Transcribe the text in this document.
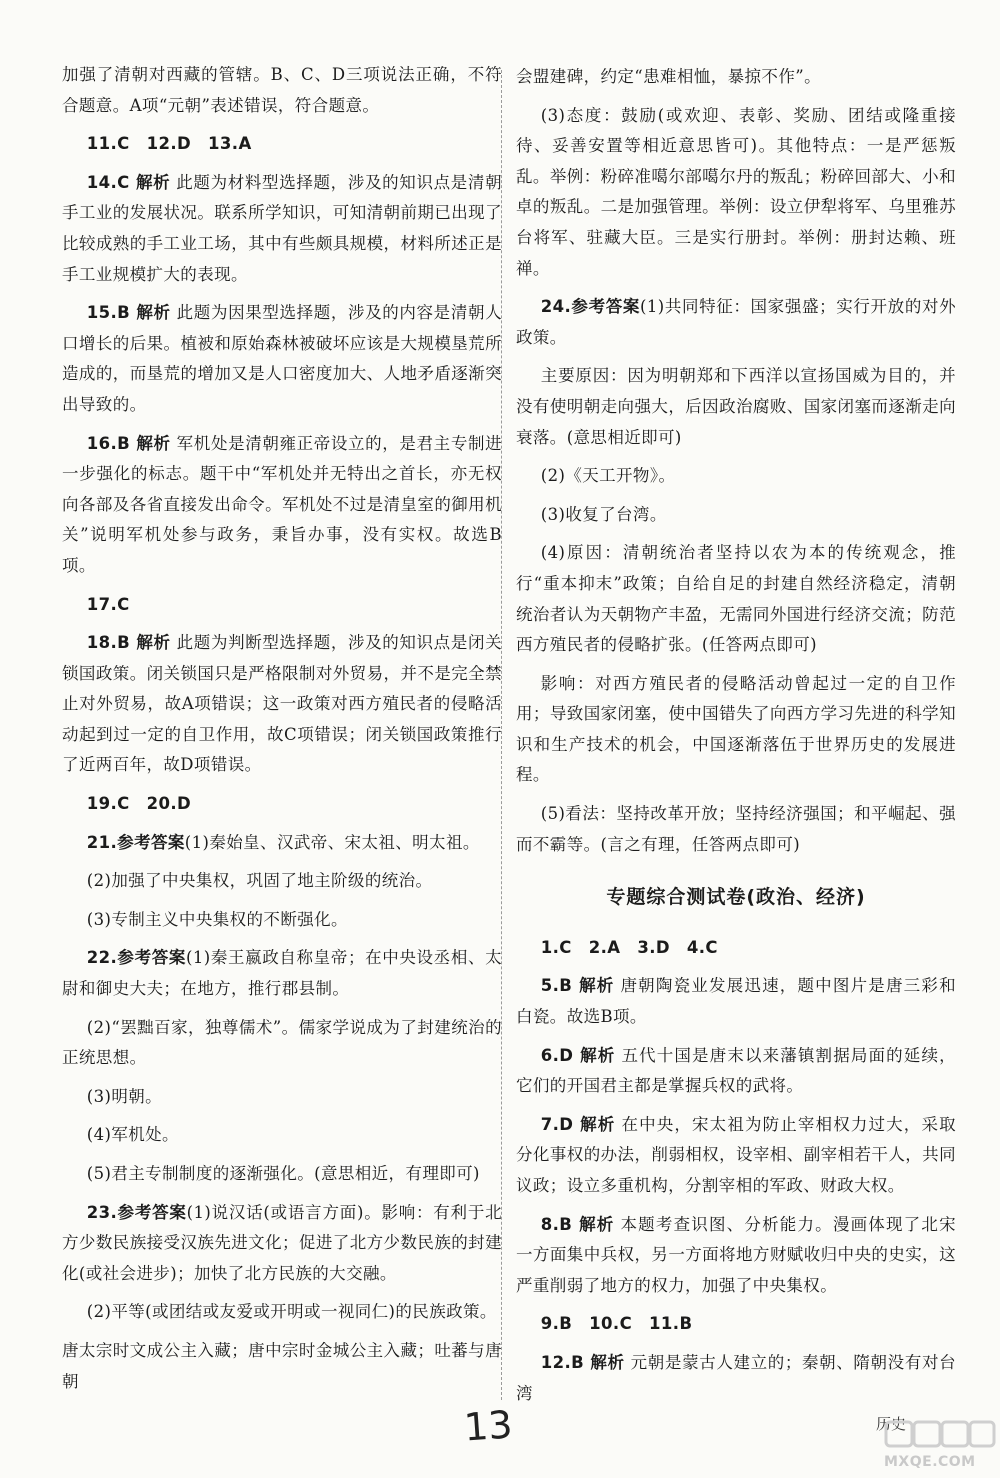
加强了清朝对西藏的管辖。B、C、D三项说法正确，不符合题意。A项“元朝”表述错误，符合题意。

11.C　12.D　13.A

14.C 解析 此题为材料型选择题，涉及的知识点是清朝手工业的发展状况。联系所学知识，可知清朝前期已出现了比较成熟的手工业工场，其中有些颇具规模，材料所述正是手工业规模扩大的表现。

15.B 解析 此题为因果型选择题，涉及的内容是清朝人口增长的后果。植被和原始森林被破坏应该是大规模垦荒所造成的，而垦荒的增加又是人口密度加大、人地矛盾逐渐突出导致的。

16.B 解析 军机处是清朝雍正帝设立的，是君主专制进一步强化的标志。题干中“军机处并无特出之首长，亦无权向各部及各省直接发出命令。军机处不过是清皇室的御用机关”说明军机处参与政务，秉旨办事，没有实权。故选B项。

17.C

18.B 解析 此题为判断型选择题，涉及的知识点是闭关锁国政策。闭关锁国只是严格限制对外贸易，并不是完全禁止对外贸易，故A项错误；这一政策对西方殖民者的侵略活动起到过一定的自卫作用，故C项错误；闭关锁国政策推行了近两百年，故D项错误。

19.C　20.D

21.参考答案(1)秦始皇、汉武帝、宋太祖、明太祖。

(2)加强了中央集权，巩固了地主阶级的统治。

(3)专制主义中央集权的不断强化。

22.参考答案(1)秦王嬴政自称皇帝；在中央设丞相、太尉和御史大夫；在地方，推行郡县制。

(2)“罢黜百家，独尊儒术”。儒家学说成为了封建统治的正统思想。

(3)明朝。

(4)军机处。

(5)君主专制制度的逐渐强化。(意思相近，有理即可)

23.参考答案(1)说汉话(或语言方面)。影响：有利于北方少数民族接受汉族先进文化；促进了北方少数民族的封建化(或社会进步)；加快了北方民族的大交融。

(2)平等(或团结或友爱或开明或一视同仁)的民族政策。

唐太宗时文成公主入藏；唐中宗时金城公主入藏；吐蕃与唐朝

会盟建碑，约定“患难相恤，暴掠不作”。

(3)态度：鼓励(或欢迎、表彰、奖励、团结或隆重接待、妥善安置等相近意思皆可)。其他特点：一是严惩叛乱。举例：粉碎准噶尔部噶尔丹的叛乱；粉碎回部大、小和卓的叛乱。二是加强管理。举例：设立伊犁将军、乌里雅苏台将军、驻藏大臣。三是实行册封。举例：册封达赖、班禅。

24.参考答案(1)共同特征：国家强盛；实行开放的对外政策。

主要原因：因为明朝郑和下西洋以宣扬国威为目的，并没有使明朝走向强大，后因政治腐败、国家闭塞而逐渐走向衰落。(意思相近即可)

(2)《天工开物》。

(3)收复了台湾。

(4)原因：清朝统治者坚持以农为本的传统观念，推行“重本抑末”政策；自给自足的封建自然经济稳定，清朝统治者认为天朝物产丰盈，无需同外国进行经济交流；防范西方殖民者的侵略扩张。(任答两点即可)

影响：对西方殖民者的侵略活动曾起过一定的自卫作用；导致国家闭塞，使中国错失了向西方学习先进的科学知识和生产技术的机会，中国逐渐落伍于世界历史的发展进程。

(5)看法：坚持改革开放；坚持经济强国；和平崛起、强而不霸等。(言之有理，任答两点即可)

专题综合测试卷(政治、经济)

1.C　2.A　3.D　4.C

5.B 解析 唐朝陶瓷业发展迅速，题中图片是唐三彩和白瓷。故选B项。

6.D 解析 五代十国是唐末以来藩镇割据局面的延续，它们的开国君主都是掌握兵权的武将。

7.D 解析 在中央，宋太祖为防止宰相权力过大，采取分化事权的办法，削弱相权，设宰相、副宰相若干人，共同议政；设立多重机构，分割宰相的军政、财政大权。

8.B 解析 本题考查识图、分析能力。漫画体现了北宋一方面集中兵权，另一方面将地方财赋收归中央的史实，这严重削弱了地方的权力，加强了中央集权。

9.B　10.C　11.B

12.B 解析 元朝是蒙古人建立的；秦朝、隋朝没有对台湾

13	历史
MXQE.COM
